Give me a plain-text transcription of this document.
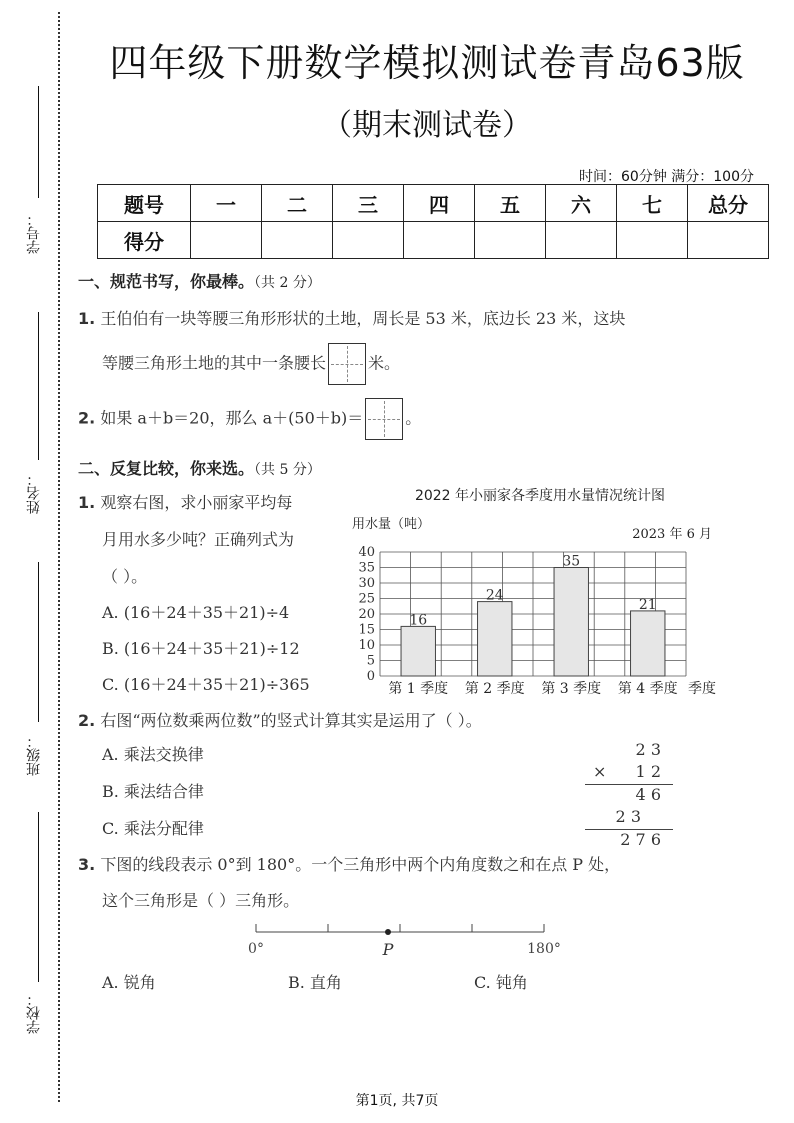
学号：
姓名：
班级：
学校：
四年级下册数学模拟测试卷青岛63版
（期末测试卷）
时间：60分钟 满分：100分
题号	一	二	三	四	五	六	七	总分
得分								
一、规范书写，你最棒。（共 2 分）
1. 王伯伯有一块等腰三角形形状的土地，周长是 53 米，底边长 23 米，这块
等腰三角形土地的其中一条腰长	米。
2. 如果 a＋b＝20，那么 a＋(50＋b)＝	。
二、反复比较，你来选。（共 5 分）
1. 观察右图，求小丽家平均每
月用水多少吨？正确列式为
（ ）。
A. (16＋24＋35＋21)÷4
B. (16＋24＋35＋21)÷12
C. (16＋24＋35＋21)÷365
2022 年小丽家各季度用水量情况统计图
用水量（吨）
2023 年 6 月
16
24
35
21
0
5
10
15
20
25
30
35
40
第 1 季度 第 2 季度 第 3 季度 第 4 季度 季度
2. 右图“两位数乘两位数”的竖式计算其实是运用了（ ）。
A. 乘法交换律
B. 乘法结合律
C. 乘法分配律
2 3
× 1 2
4 6
2 3
2 7 6
3. 下图的线段表示 0°到 180°。一个三角形中两个内角度数之和在点 P 处，
这个三角形是（ ）三角形。
0°	P	180°
A. 锐角	B. 直角	C. 钝角
第1页, 共7页
